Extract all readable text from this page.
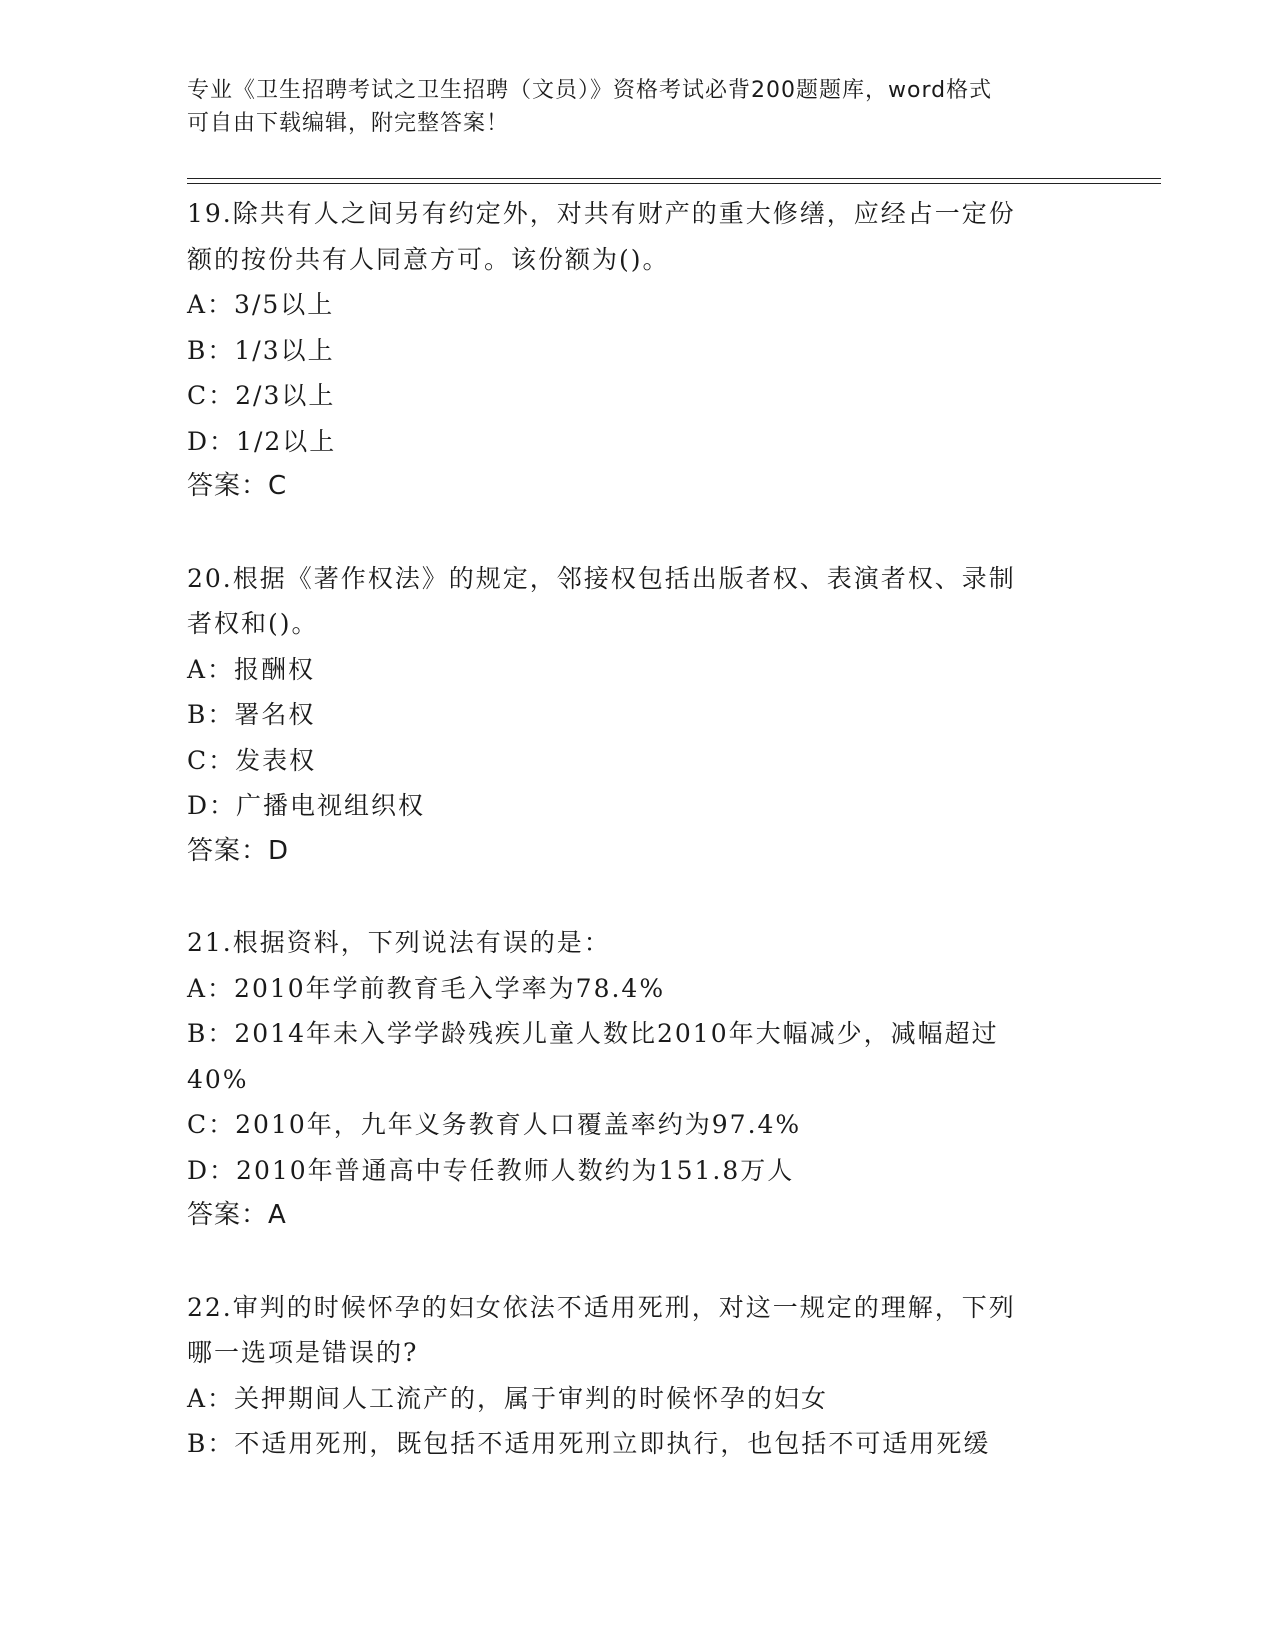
专业《卫生招聘考试之卫生招聘（文员）》资格考试必背200题题库，word格式
可自由下载编辑，附完整答案！
19.除共有人之间另有约定外，对共有财产的重大修缮，应经占一定份
额的按份共有人同意方可。该份额为()。
A：3/5以上
B：1/3以上
C：2/3以上
D：1/2以上
答案：C
20.根据《著作权法》的规定，邻接权包括出版者权、表演者权、录制
者权和()。
A：报酬权
B：署名权
C：发表权
D：广播电视组织权
答案：D
21.根据资料，下列说法有误的是：
A：2010年学前教育毛入学率为78.4%
B：2014年未入学学龄残疾儿童人数比2010年大幅减少，减幅超过
40%
C：2010年，九年义务教育人口覆盖率约为97.4%
D：2010年普通高中专任教师人数约为151.8万人
答案：A
22.审判的时候怀孕的妇女依法不适用死刑，对这一规定的理解，下列
哪一选项是错误的?
A：关押期间人工流产的，属于审判的时候怀孕的妇女
B：不适用死刑，既包括不适用死刑立即执行，也包括不可适用死缓
